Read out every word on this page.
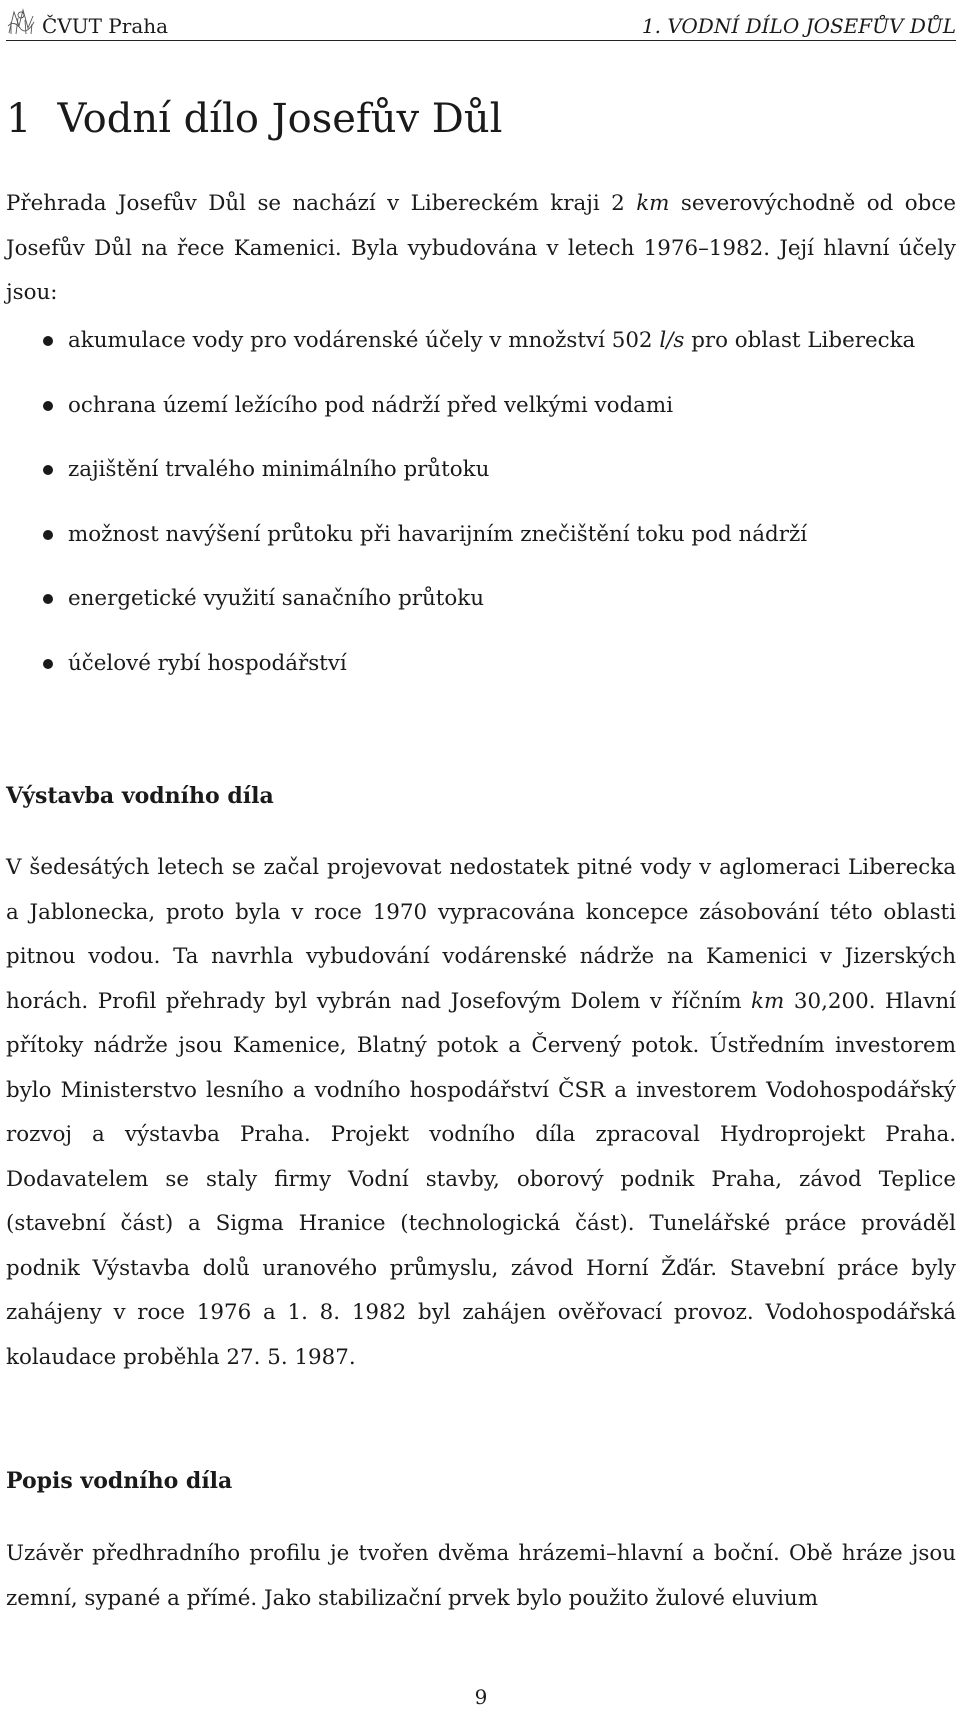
ČVUT Praha	1. VODNÍ DÍLO JOSEFŮV DŮL
1 Vodní dílo Josefův Důl

Přehrada Josefův Důl se nachází v Libereckém kraji 2 km severovýchodně od obce Josefův Důl na řece Kamenici. Byla vybudována v letech 1976–1982. Její hlavní účely jsou:

akumulace vody pro vodárenské účely v množství 502 l/s pro oblast Liberecka
ochrana území ležícího pod nádrží před velkými vodami
zajištění trvalého minimálního průtoku
možnost navýšení průtoku při havarijním znečištění toku pod nádrží
energetické využití sanačního průtoku
účelové rybí hospodářství
Výstavba vodního díla

V šedesátých letech se začal projevovat nedostatek pitné vody v aglomeraci Liberecka a Jablonecka, proto byla v roce 1970 vypracována koncepce zásobování této oblasti pitnou vodou. Ta navrhla vybudování vodárenské nádrže na Kamenici v Jizerských horách. Profil přehrady byl vybrán nad Josefovým Dolem v říčním km 30,200. Hlavní přítoky nádrže jsou Kamenice, Blatný potok a Červený potok. Ústředním investorem bylo Ministerstvo lesního a vodního hospodářství ČSR a investorem Vodohospodářský rozvoj a výstavba Praha. Projekt vodního díla zpracoval Hydroprojekt Praha. Dodavatelem se staly firmy Vodní stavby, oborový podnik Praha, závod Teplice (stavební část) a Sigma Hranice (technologická část). Tunelářské práce prováděl podnik Výstavba dolů uranového průmyslu, závod Horní Žďár. Stavební práce byly zahájeny v roce 1976 a 1. 8. 1982 byl zahájen ověřovací provoz. Vodohospodářská kolaudace proběhla 27. 5. 1987.

Popis vodního díla

Uzávěr předhradního profilu je tvořen dvěma hrázemi–hlavní a boční. Obě hráze jsou zemní, sypané a přímé. Jako stabilizační prvek bylo použito žulové eluvium

9
